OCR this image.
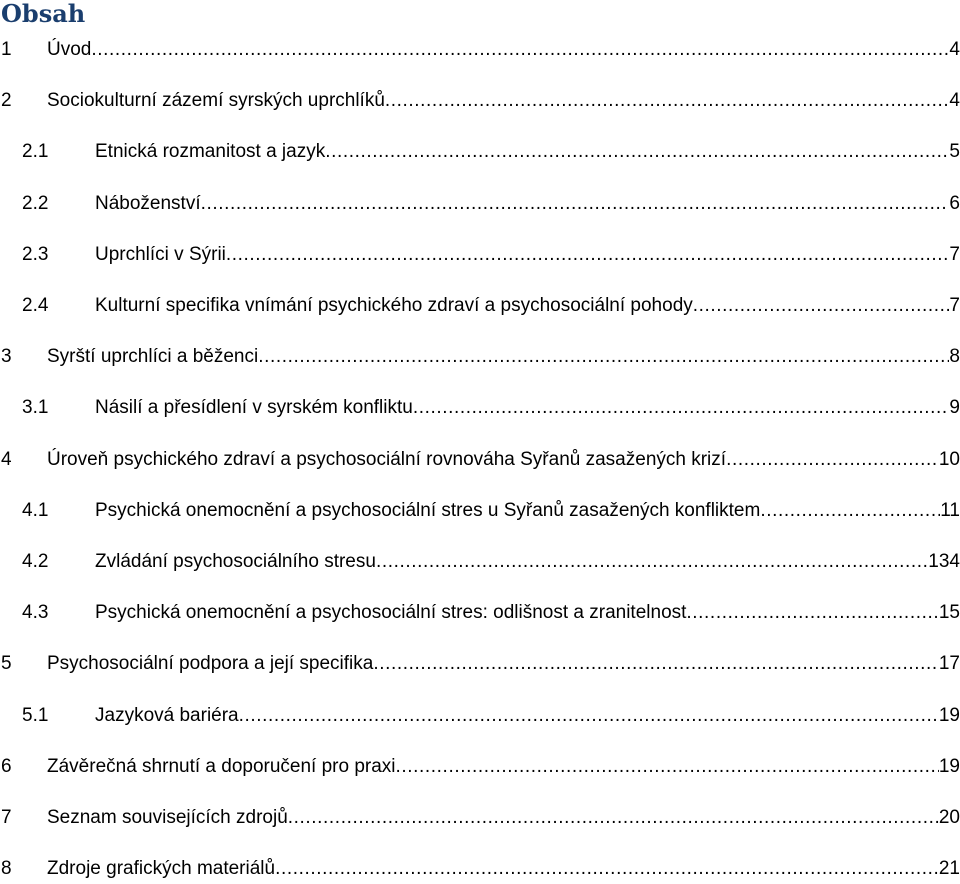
Obsah
1 Úvod .....	4
2 Sociokulturní zázemí syrských uprchlíků .....	4
2.1 Etnická rozmanitost a jazyk .....	5
2.2 Náboženství .....	6
2.3 Uprchlíci v Sýrii .....	7
2.4 Kulturní specifika vnímání psychického zdraví a psychosociální pohody .....	7
3 Syrští uprchlíci a běženci .....	8
3.1 Násilí a přesídlení v syrském konfliktu .....	9
4 Úroveň psychického zdraví a psychosociální rovnováha Syřanů zasažených krizí .....	10
4.1 Psychická onemocnění a psychosociální stres u Syřanů zasažených konfliktem .....	11
4.2 Zvládání psychosociálního stresu .....	134
4.3 Psychická onemocnění a psychosociální stres: odlišnost a zranitelnost .....	15
5 Psychosociální podpora a její specifika .....	17
5.1 Jazyková bariéra .....	19
6 Závěrečná shrnutí a doporučení pro praxi .....	19
7 Seznam souvisejících zdrojů .....	20
8 Zdroje grafických materiálů .....	21
